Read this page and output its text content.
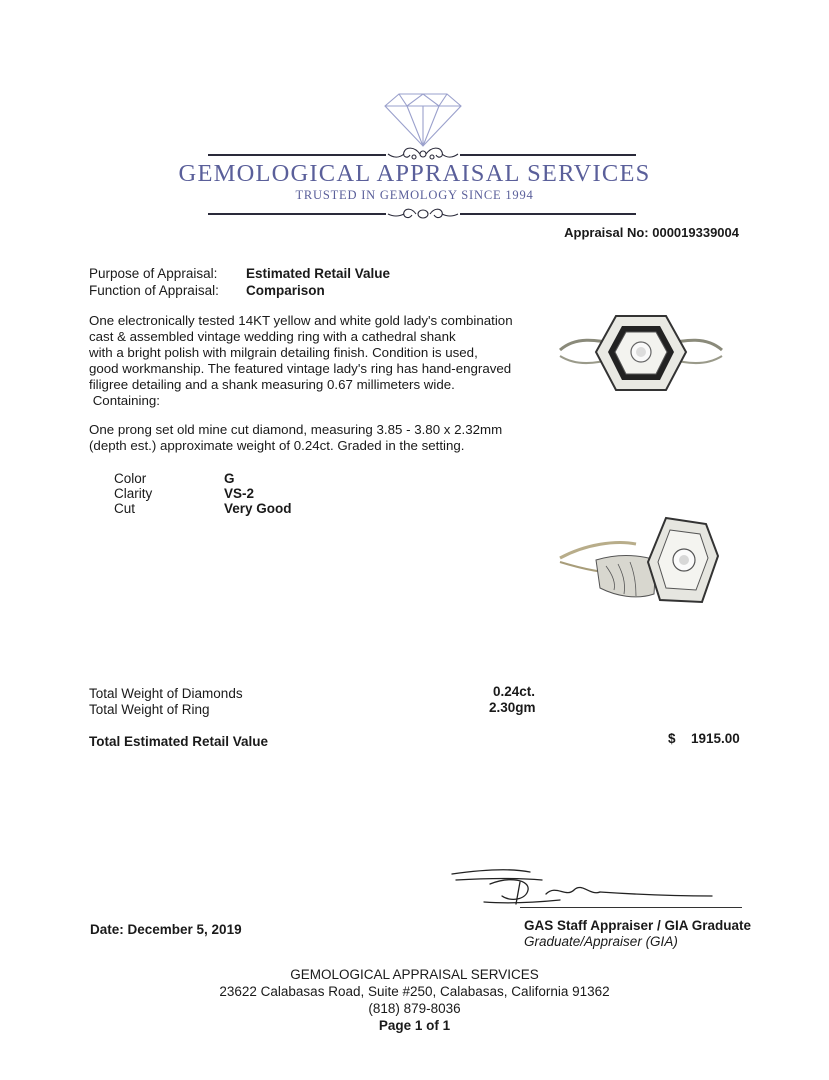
GEMOLOGICAL APPRAISAL SERVICES
TRUSTED IN GEMOLOGY SINCE 1994
Appraisal No: 000019339004
Purpose of Appraisal: Estimated Retail Value
Function of Appraisal: Comparison

One electronically tested 14KT yellow and white gold lady's combination

cast & assembled vintage wedding ring with a cathedral shank

with a bright polish with milgrain detailing finish. Condition is used,

good workmanship. The featured vintage lady's ring has hand-engraved

filigree detailing and a shank measuring 0.67 millimeters wide.

Containing:

One prong set old mine cut diamond, measuring 3.85 - 3.80 x 2.32mm
(depth est.) approximate weight of 0.24ct. Graded in the setting.
Color	G
Clarity	VS-2
Cut	Very Good
Total Weight of Diamonds	0.24ct.
Total Weight of Ring	2.30gm
Total Estimated Retail Value	$ 1915.00
Date: December 5, 2019	GAS Staff Appraiser / GIA Graduate
Graduate/Appraiser (GIA)
GEMOLOGICAL APPRAISAL SERVICES
23622 Calabasas Road, Suite #250, Calabasas, California 91362
(818) 879-8036
Page 1 of 1
